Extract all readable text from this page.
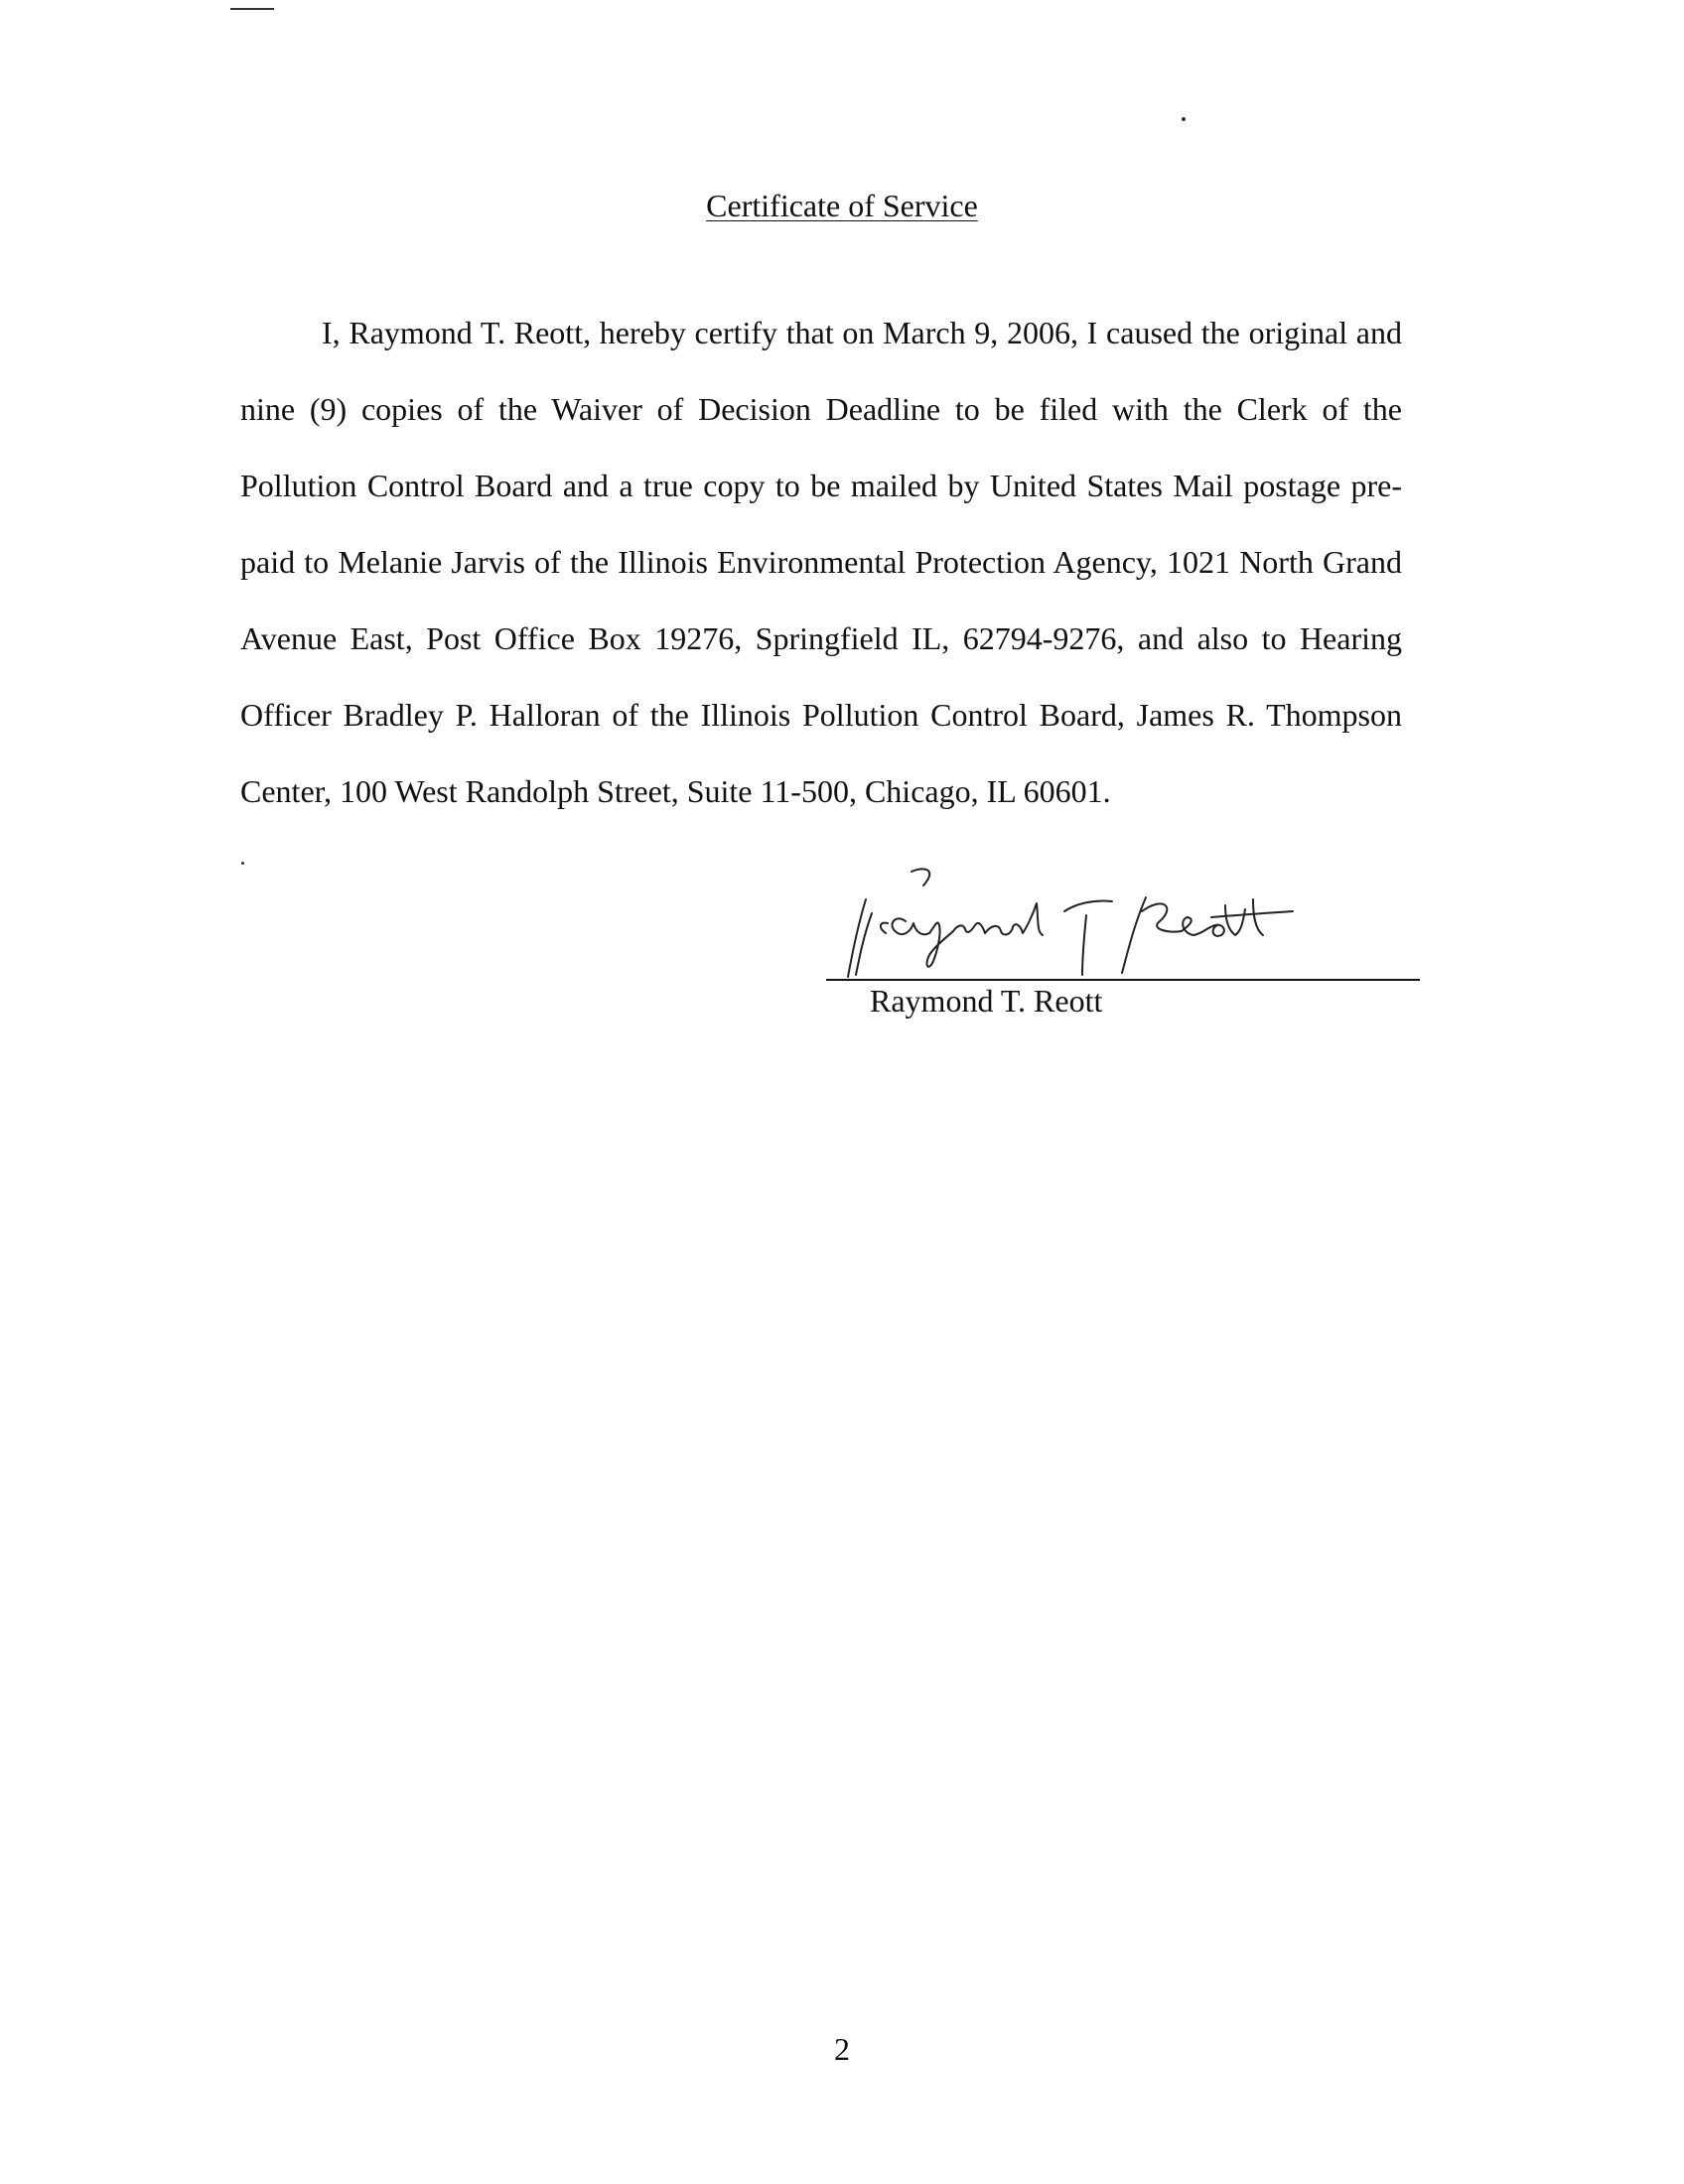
Certificate of Service

I, Raymond T. Reott, hereby certify that on March 9, 2006, I caused the original and nine (9) copies of the Waiver of Decision Deadline to be filed with the Clerk of the Pollution Control Board and a true copy to be mailed by United States Mail postage pre-paid to Melanie Jarvis of the Illinois Environmental Protection Agency, 1021 North Grand Avenue East, Post Office Box 19276, Springfield IL, 62794-9276, and also to Hearing Officer Bradley P. Halloran of the Illinois Pollution Control Board, James R. Thompson Center, 100 West Randolph Street, Suite 11-500, Chicago, IL 60601.

Raymond T. Reott

2
